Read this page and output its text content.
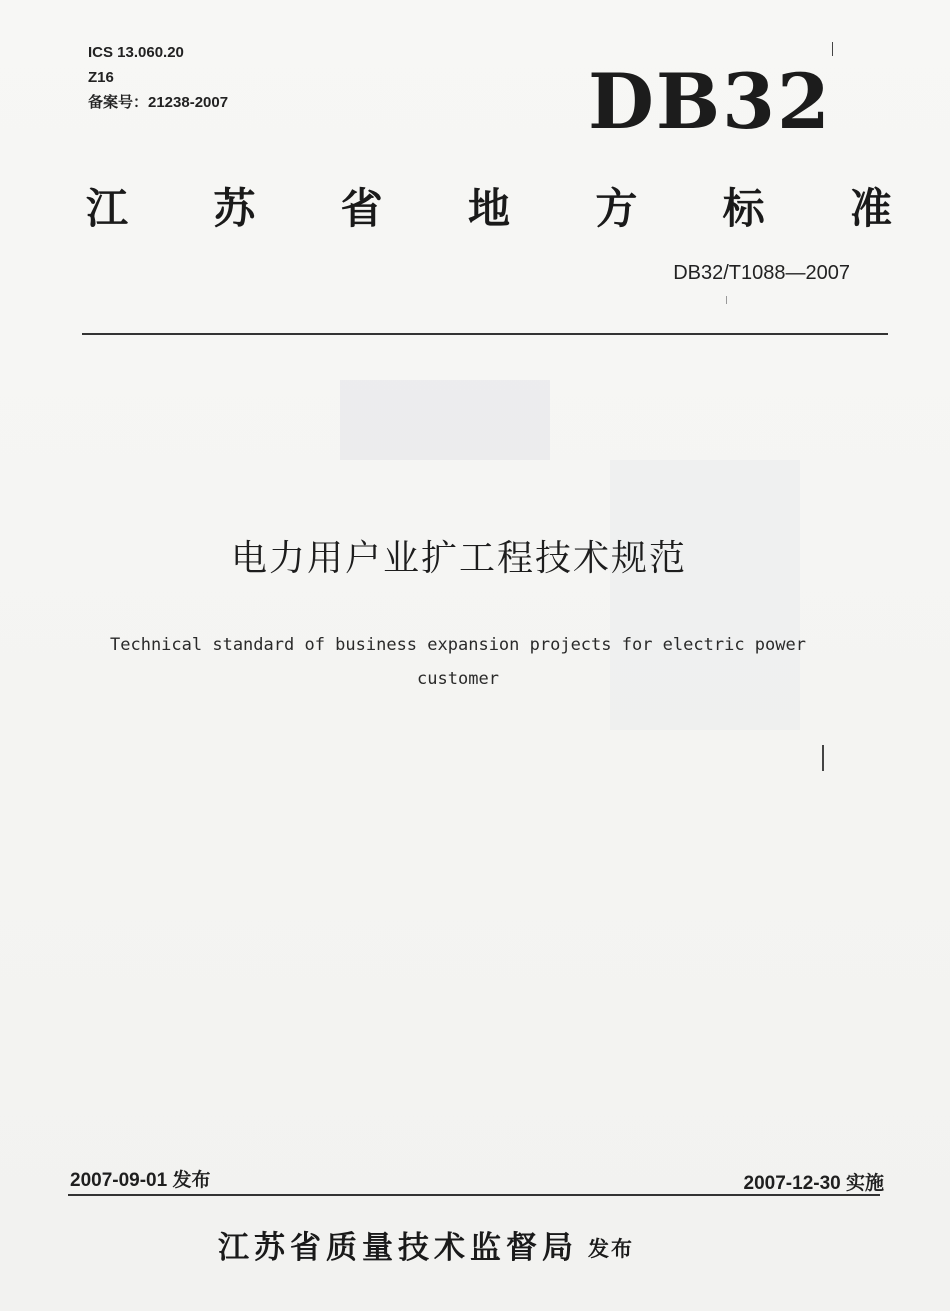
ICS 13.060.20
Z16
备案号：21238-2007	DB32
江 苏 省 地 方 标 准
DB32/T1088—2007
电力用户业扩工程技术规范
Technical standard of business expansion projects for electric power
customer
2007-09-01 发布	2007-12-30 实施
江苏省质量技术监督局 发布
